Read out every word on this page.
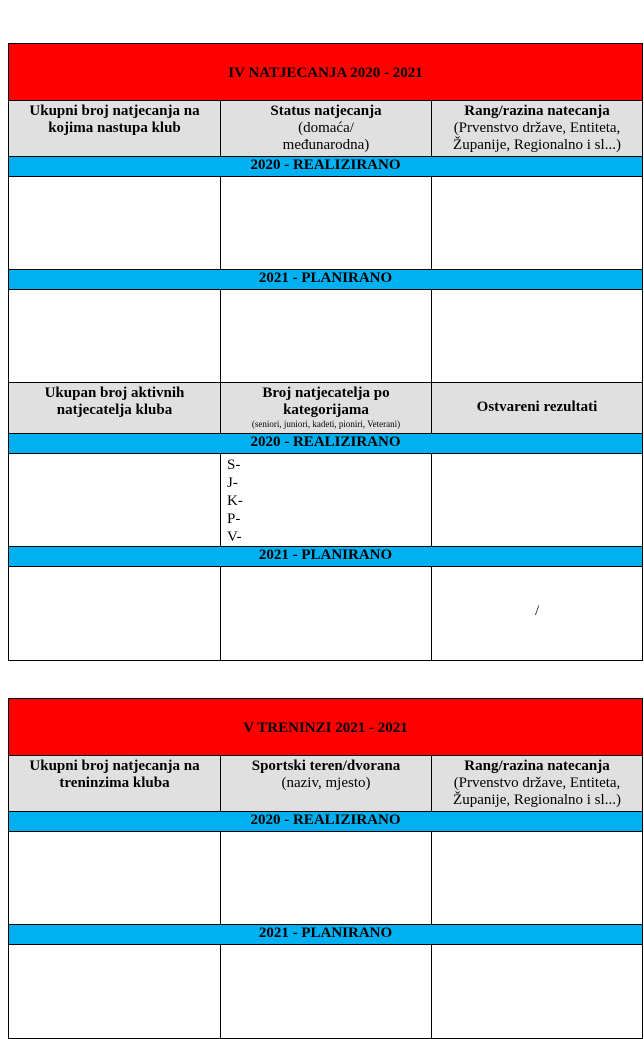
IV NATJECANJA 2020 - 2021
Ukupni broj natjecanja na kojima nastupa klub
Status natjecanja
(domaća/ međunarodna)
Rang/razina natecanja
(Prvenstvo države, Entiteta, Županije, Regionalno i sl...)
2020 - REALIZIRANO
2021 - PLANIRANO
Ukupan broj aktivnih natjecatelja kluba
Broj natjecatelja po kategorijama
(seniori, juniori, kadeti, pioniri, Veterani)
Ostvareni rezultati
2020 - REALIZIRANO
S-
J-
K-
P-
V-
2021 - PLANIRANO
/
V TRENINZI 2021 - 2021
Ukupni broj natjecanja na treninzima kluba
Sportski teren/dvorana
(naziv, mjesto)
Rang/razina natecanja
(Prvenstvo države, Entiteta, Županije, Regionalno i sl...)
2020 - REALIZIRANO
2021 - PLANIRANO
